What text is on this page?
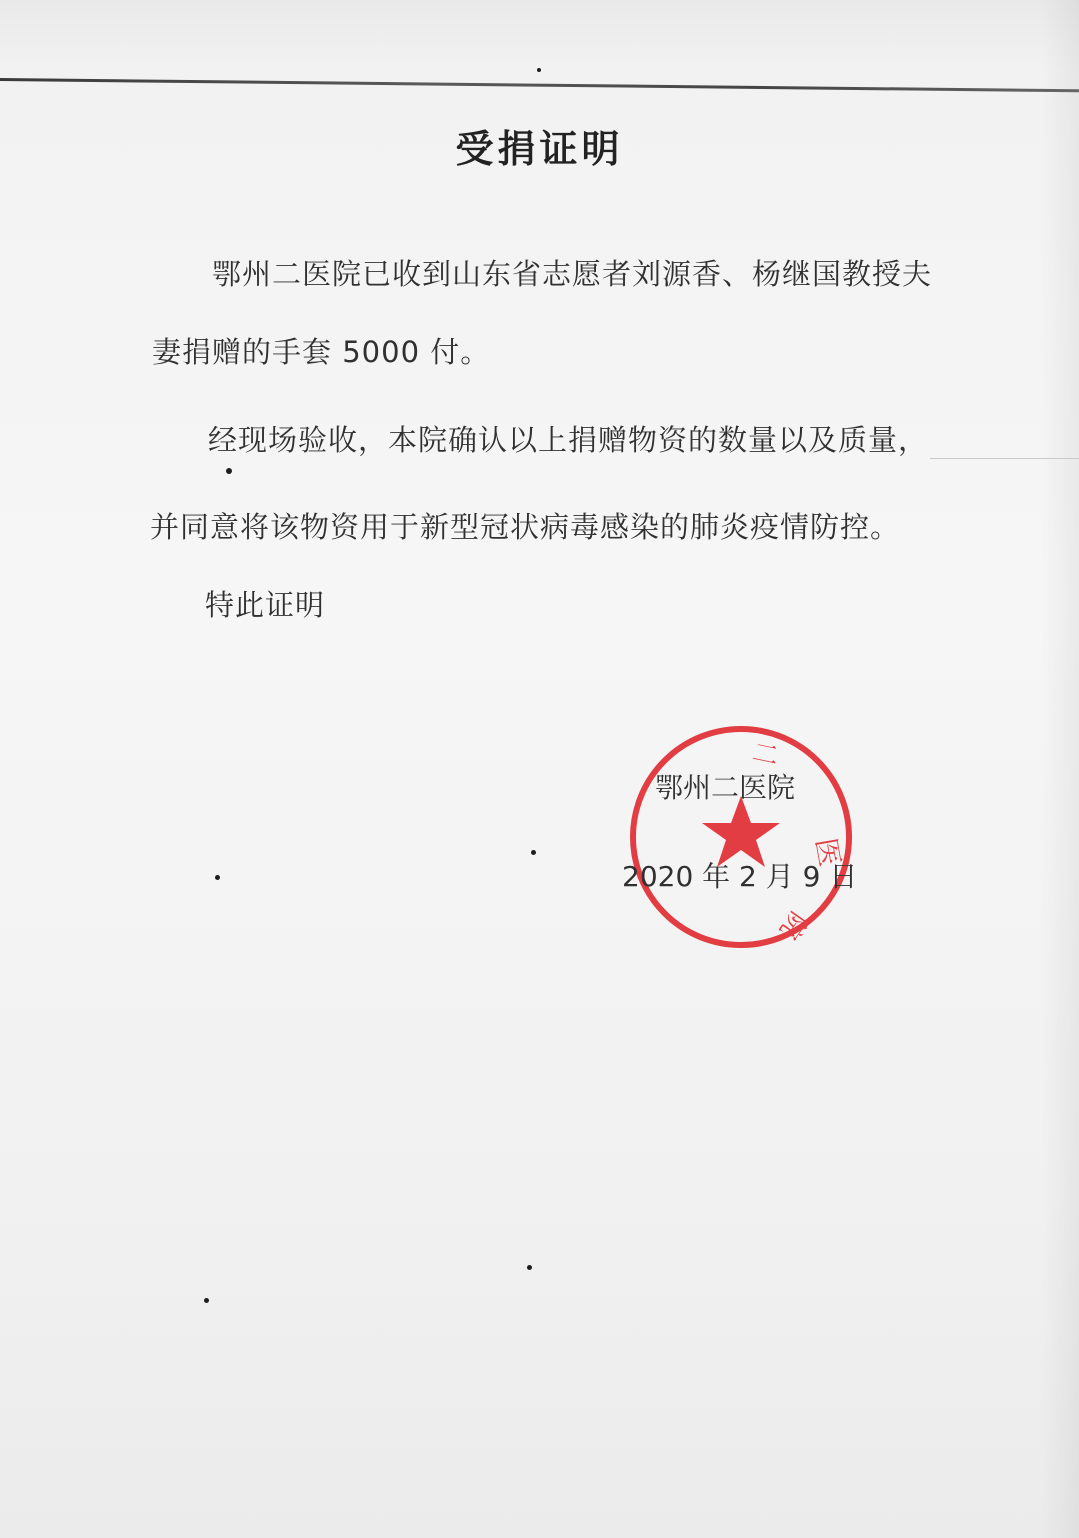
受捐证明
鄂州二医院已收到山东省志愿者刘源香、杨继国教授夫
妻捐赠的手套 5000 付。
经现场验收，本院确认以上捐赠物资的数量以及质量，
并同意将该物资用于新型冠状病毒感染的肺炎疫情防控。
特此证明
二
医
院
鄂州二医院
2020 年 2 月 9 日
